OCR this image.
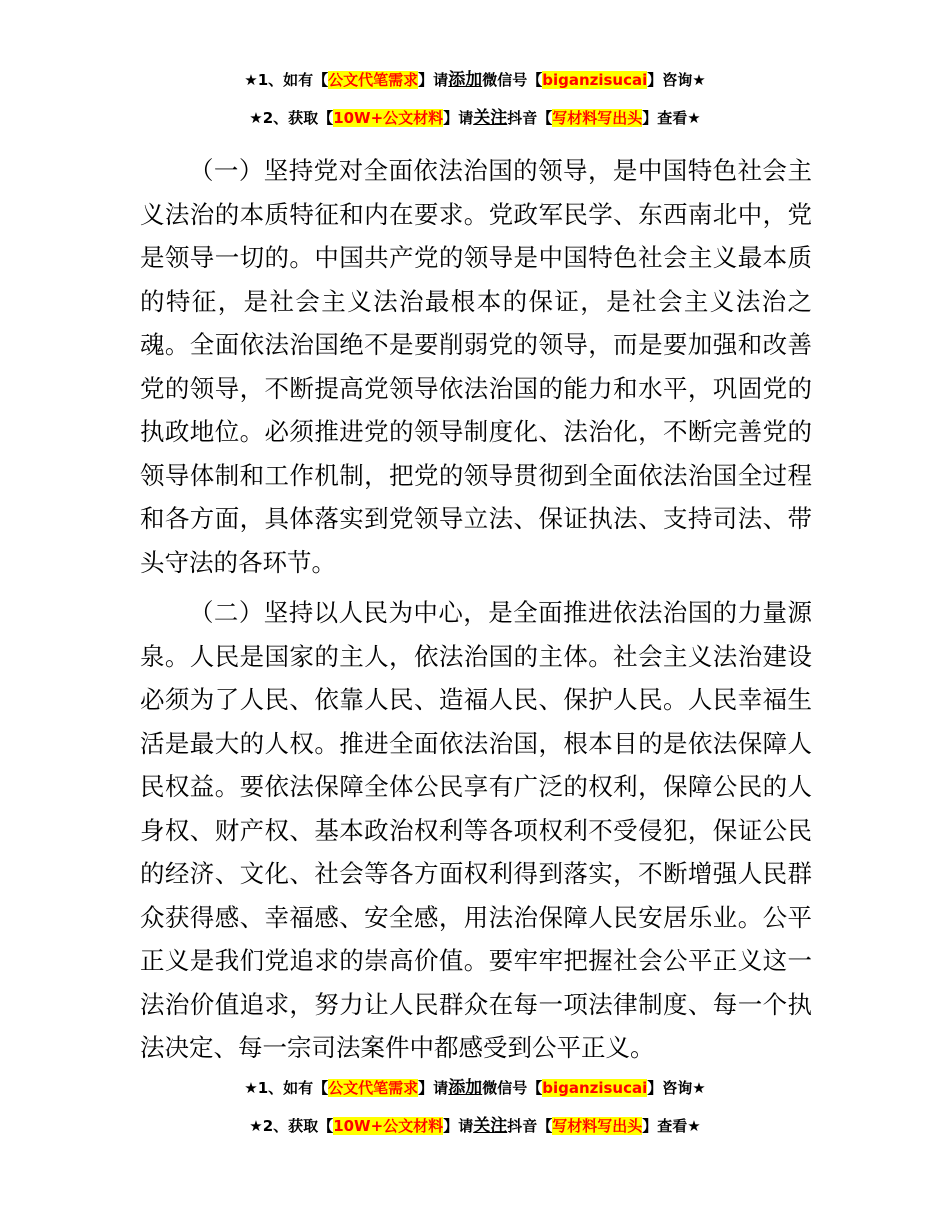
★1、如有【公文代笔需求】请添加微信号【biganzisucai】咨询★
★2、获取【10W+公文材料】请关注抖音【写材料写出头】查看★

（一）坚持党对全面依法治国的领导，是中国特色社会主义法治的本质特征和内在要求。党政军民学、东西南北中，党是领导一切的。中国共产党的领导是中国特色社会主义最本质的特征，是社会主义法治最根本的保证，是社会主义法治之魂。全面依法治国绝不是要削弱党的领导，而是要加强和改善党的领导，不断提高党领导依法治国的能力和水平，巩固党的执政地位。必须推进党的领导制度化、法治化，不断完善党的领导体制和工作机制，把党的领导贯彻到全面依法治国全过程和各方面，具体落实到党领导立法、保证执法、支持司法、带头守法的各环节。

（二）坚持以人民为中心，是全面推进依法治国的力量源泉。人民是国家的主人，依法治国的主体。社会主义法治建设必须为了人民、依靠人民、造福人民、保护人民。人民幸福生活是最大的人权。推进全面依法治国，根本目的是依法保障人民权益。要依法保障全体公民享有广泛的权利，保障公民的人身权、财产权、基本政治权利等各项权利不受侵犯，保证公民的经济、文化、社会等各方面权利得到落实，不断增强人民群众获得感、幸福感、安全感，用法治保障人民安居乐业。公平正义是我们党追求的崇高价值。要牢牢把握社会公平正义这一法治价值追求，努力让人民群众在每一项法律制度、每一个执法决定、每一宗司法案件中都感受到公平正义。

★1、如有【公文代笔需求】请添加微信号【biganzisucai】咨询★
★2、获取【10W+公文材料】请关注抖音【写材料写出头】查看★
